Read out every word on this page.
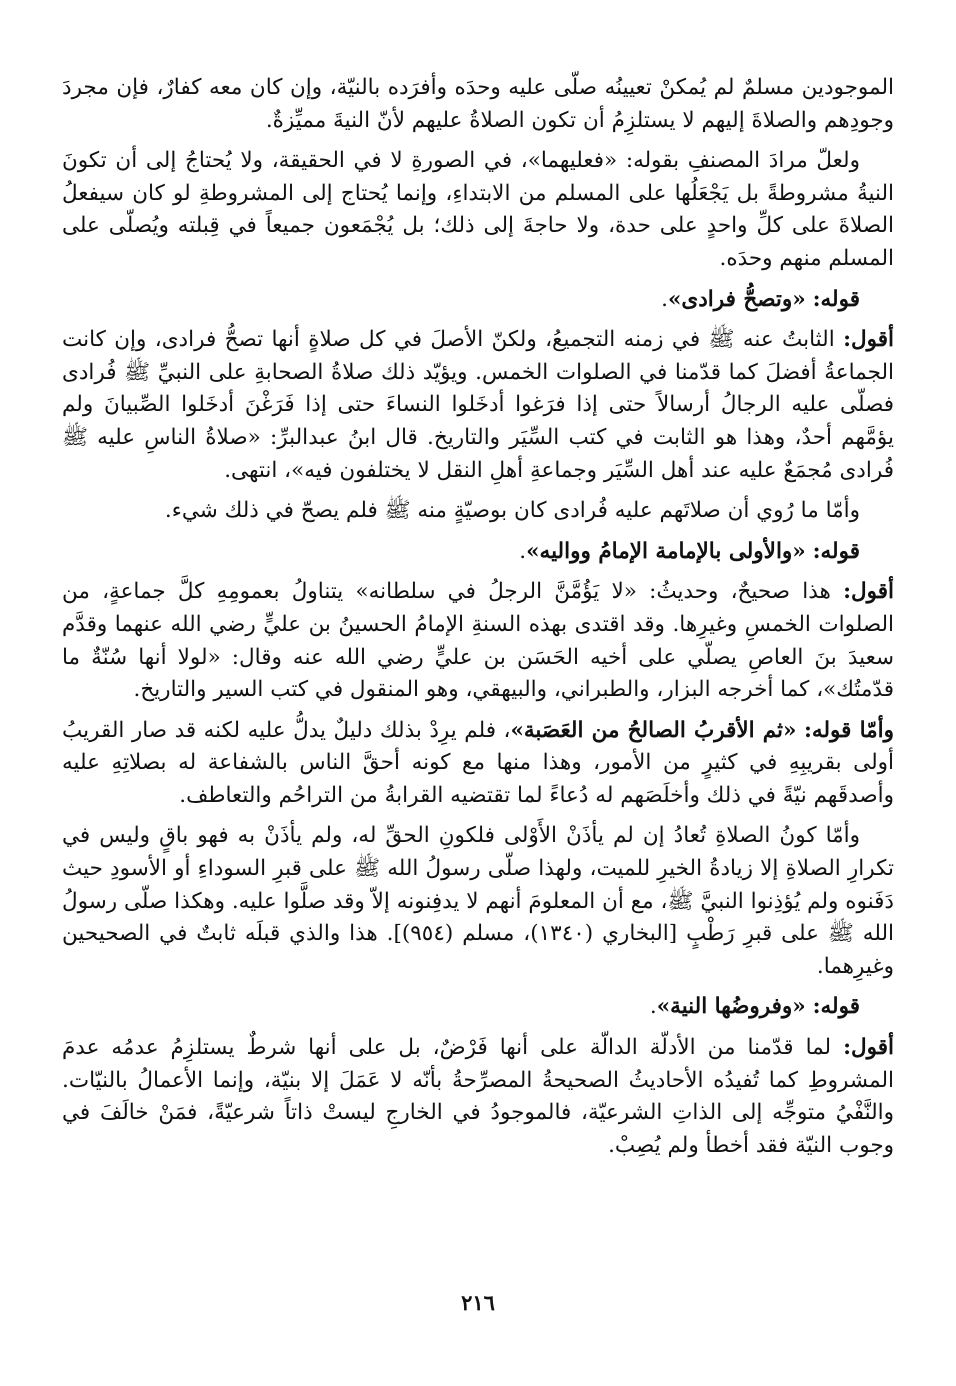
الموجودين مسلمٌ لم يُمكنْ تعيينُه صلّى عليه وحدَه وأفرَده بالنيّة، وإن كان معه كفارٌ، فإن مجردَ وجودِهم والصلاةَ إليهم لا يستلزِمُ أن تكون الصلاةُ عليهم لأنّ النيةَ مميِّزةٌ.

ولعلّ مرادَ المصنفِ بقوله: «فعليهما»، في الصورةِ لا في الحقيقة، ولا يُحتاجُ إلى أن تكونَ النيةُ مشروطةً بل يَجْعَلُها على المسلم من الابتداءِ، وإنما يُحتاج إلى المشروطةِ لو كان سيفعلُ الصلاةَ على كلِّ واحدٍ على حدة، ولا حاجةَ إلى ذلك؛ بل يُجْمَعون جميعاً في قِبلته ويُصلّى على المسلم منهم وحدَه.

قوله: «وتصحُّ فرادى».

أقول: الثابتُ عنه ﷺ في زمنه التجميعُ، ولكنّ الأصلَ في كل صلاةٍ أنها تصحُّ فرادى، وإن كانت الجماعةُ أفضلَ كما قدّمنا في الصلوات الخمس. ويؤيّد ذلك صلاةُ الصحابةِ على النبيِّ ﷺ فُرادى فصلّى عليه الرجالُ أرسالاً حتى إذا فرَغوا أدخَلوا النساءَ حتى إذا فَرَغْنَ أدخَلوا الصِّبيانَ ولم يؤمَّهم أحدٌ، وهذا هو الثابت في كتب السِّيَر والتاريخ. قال ابنُ عبدالبرِّ: «صلاةُ الناسِ عليه ﷺ فُرادى مُجمَعٌ عليه عند أهل السِّيَر وجماعةِ أهلِ النقل لا يختلفون فيه»، انتهى.

وأمّا ما رُوي أن صلاتَهم عليه فُرادى كان بوصيّةٍ منه ﷺ فلم يصحّ في ذلك شيء.

قوله: «والأولى بالإمامة الإمامُ وواليه».

أقول: هذا صحيحٌ، وحديثُ: «لا يَؤُمَّنَّ الرجلُ في سلطانه» يتناولُ بعمومِهِ كلَّ جماعةٍ، من الصلوات الخمسِ وغيرِها. وقد اقتدى بهذه السنةِ الإمامُ الحسينُ بن عليٍّ رضي الله عنهما وقدَّم سعيدَ بنَ العاصِ يصلّي على أخيه الحَسَن بن عليٍّ رضي الله عنه وقال: «لولا أنها سُنّةٌ ما قدّمتُك»، كما أخرجه البزار، والطبراني، والبيهقي، وهو المنقول في كتب السير والتاريخ.

وأمّا قوله: «ثم الأقربُ الصالحُ من العَصَبة»، فلم يرِدْ بذلك دليلٌ يدلُّ عليه لكنه قد صار القريبُ أولى بقريبِهِ في كثيرٍ من الأمور، وهذا منها مع كونه أحقَّ الناس بالشفاعة له بصلاتِهِ عليه وأصدقَهم نيّةً في ذلك وأخلَصَهم له دُعاءً لما تقتضيه القرابةُ من التراحُم والتعاطف.

وأمّا كونُ الصلاةِ تُعادُ إن لم يأذَنْ الأَوْلى فلكونِ الحقِّ له، ولم يأذَنْ به فهو باقٍ وليس في تكرارِ الصلاةِ إلا زيادةُ الخيرِ للميت، ولهذا صلّى رسولُ الله ﷺ على قبرِ السوداءِ أو الأسودِ حيث دَفَنوه ولم يُؤذِنوا النبيَّ ﷺ، مع أن المعلومَ أنهم لا يدفِنونه إلاّ وقد صلَّوا عليه. وهكذا صلّى رسولُ الله ﷺ على قبرِ رَطْبٍ [البخاري (١٣٤٠)، مسلم (٩٥٤)]. هذا والذي قبلَه ثابتٌ في الصحيحين وغيرِهما.

قوله: «وفروضُها النية».

أقول: لما قدّمنا من الأدلّة الدالّة على أنها فَرْضٌ، بل على أنها شرطٌ يستلزِمُ عدمُه عدمَ المشروطِ كما تُفيدُه الأحاديثُ الصحيحةُ المصرِّحةُ بأنّه لا عَمَلَ إلا بنيّة، وإنما الأعمالُ بالنيّات. والنَّفْيُ متوجِّه إلى الذاتِ الشرعيّة، فالموجودُ في الخارجِ ليستْ ذاتاً شرعيّةً، فمَنْ خالَفَ في وجوب النيّة فقد أخطأ ولم يُصِبْ.

٢١٦
